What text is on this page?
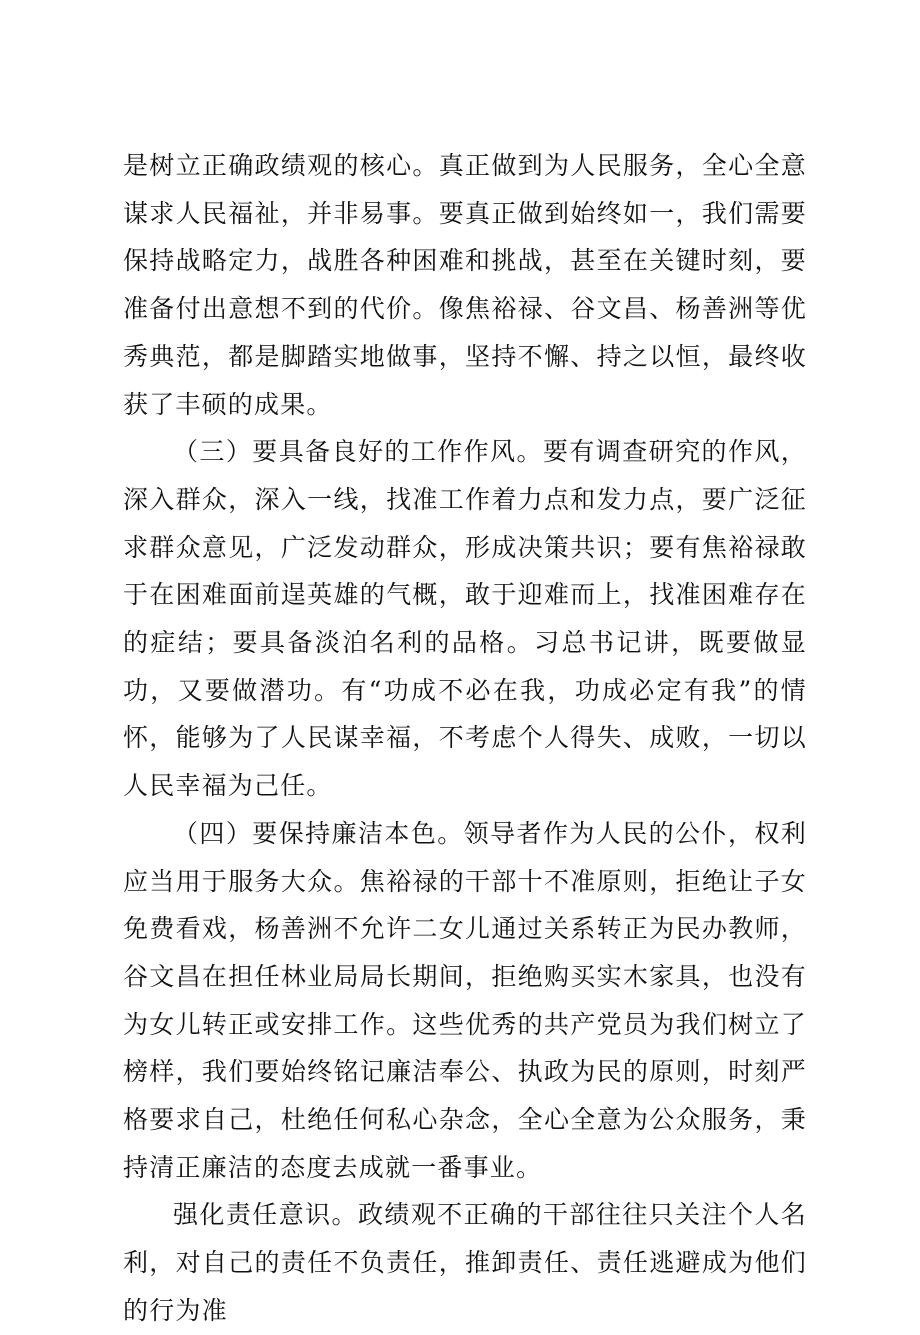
是树立正确政绩观的核心。真正做到为人民服务，全心全意谋求人民福祉，并非易事。要真正做到始终如一，我们需要保持战略定力，战胜各种困难和挑战，甚至在关键时刻，要准备付出意想不到的代价。像焦裕禄、谷文昌、杨善洲等优秀典范，都是脚踏实地做事，坚持不懈、持之以恒，最终收获了丰硕的成果。

（三）要具备良好的工作作风。要有调查研究的作风，深入群众，深入一线，找准工作着力点和发力点，要广泛征求群众意见，广泛发动群众，形成决策共识；要有焦裕禄敢于在困难面前逞英雄的气概，敢于迎难而上，找准困难存在的症结；要具备淡泊名利的品格。习总书记讲，既要做显功，又要做潜功。有“功成不必在我，功成必定有我”的情怀，能够为了人民谋幸福，不考虑个人得失、成败，一切以人民幸福为己任。

（四）要保持廉洁本色。领导者作为人民的公仆，权利应当用于服务大众。焦裕禄的干部十不准原则，拒绝让子女免费看戏，杨善洲不允许二女儿通过关系转正为民办教师，谷文昌在担任林业局局长期间，拒绝购买实木家具，也没有为女儿转正或安排工作。这些优秀的共产党员为我们树立了榜样，我们要始终铭记廉洁奉公、执政为民的原则，时刻严格要求自己，杜绝任何私心杂念，全心全意为公众服务，秉持清正廉洁的态度去成就一番事业。

强化责任意识。政绩观不正确的干部往往只关注个人名利，对自己的责任不负责任，推卸责任、责任逃避成为他们的行为准
